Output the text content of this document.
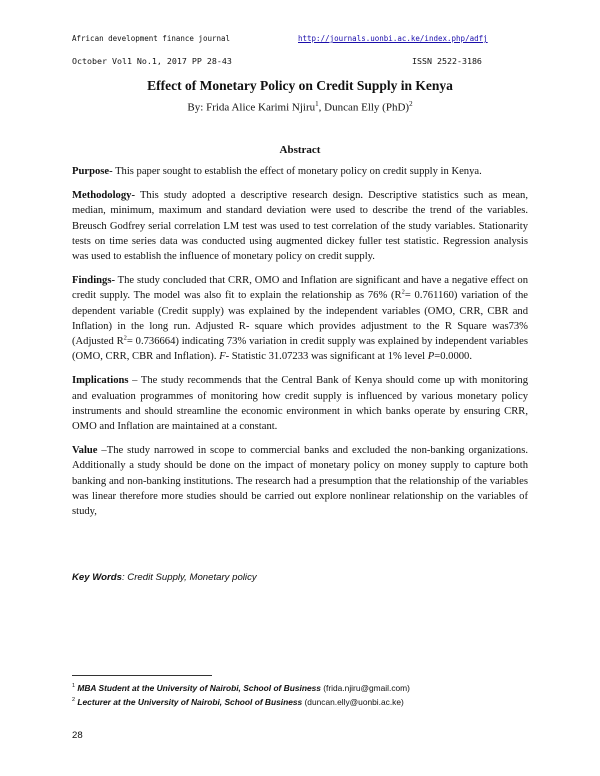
African development finance journal	http://journals.uonbi.ac.ke/index.php/adfj
October Vol1 No.1, 2017 PP 28-43	ISSN 2522-3186
Effect of Monetary Policy on Credit Supply in Kenya
By: Frida Alice Karimi Njiru$^1$, Duncan Elly (PhD)$^2$
Abstract

Purpose- This paper sought to establish the effect of monetary policy on credit supply in Kenya.

Methodology- This study adopted a descriptive research design. Descriptive statistics such as mean, median, minimum, maximum and standard deviation were used to describe the trend of the variables. Breusch Godfrey serial correlation LM test was used to test correlation of the study variables. Stationarity tests on time series data was conducted using augmented dickey fuller test statistic. Regression analysis was used to establish the influence of monetary policy on credit supply.

Findings- The study concluded that CRR, OMO and Inflation are significant and have a negative effect on credit supply. The model was also fit to explain the relationship as 76% $(R^2= 0.761160)$ variation of the dependent variable (Credit supply) was explained by the independent variables (OMO, CRR, CBR and Inflation) in the long run. Adjusted R- square which provides adjustment to the R Square was73% (Adjusted $R^2= 0.736664$) indicating 73% variation in credit supply was explained by independent variables (OMO, CRR, CBR and Inflation). F- Statistic 31.07233 was significant at 1% level P=0.0000.

Implications – The study recommends that the Central Bank of Kenya should come up with monitoring and evaluation programmes of monitoring how credit supply is influenced by various monetary policy instruments and should streamline the economic environment in which banks operate by ensuring CRR, OMO and Inflation are maintained at a constant.

Value –The study narrowed in scope to commercial banks and excluded the non-banking organizations. Additionally a study should be done on the impact of monetary policy on money supply to capture both banking and non-banking institutions. The research had a presumption that the relationship of the variables was linear therefore more studies should be carried out explore nonlinear relationship on the variables of study,

Key Words: Credit Supply, Monetary policy
$^1$ MBA Student at the University of Nairobi, School of Business (frida.njiru@gmail.com)
$^2$ Lecturer at the University of Nairobi, School of Business (duncan.elly@uonbi.ac.ke)
28
